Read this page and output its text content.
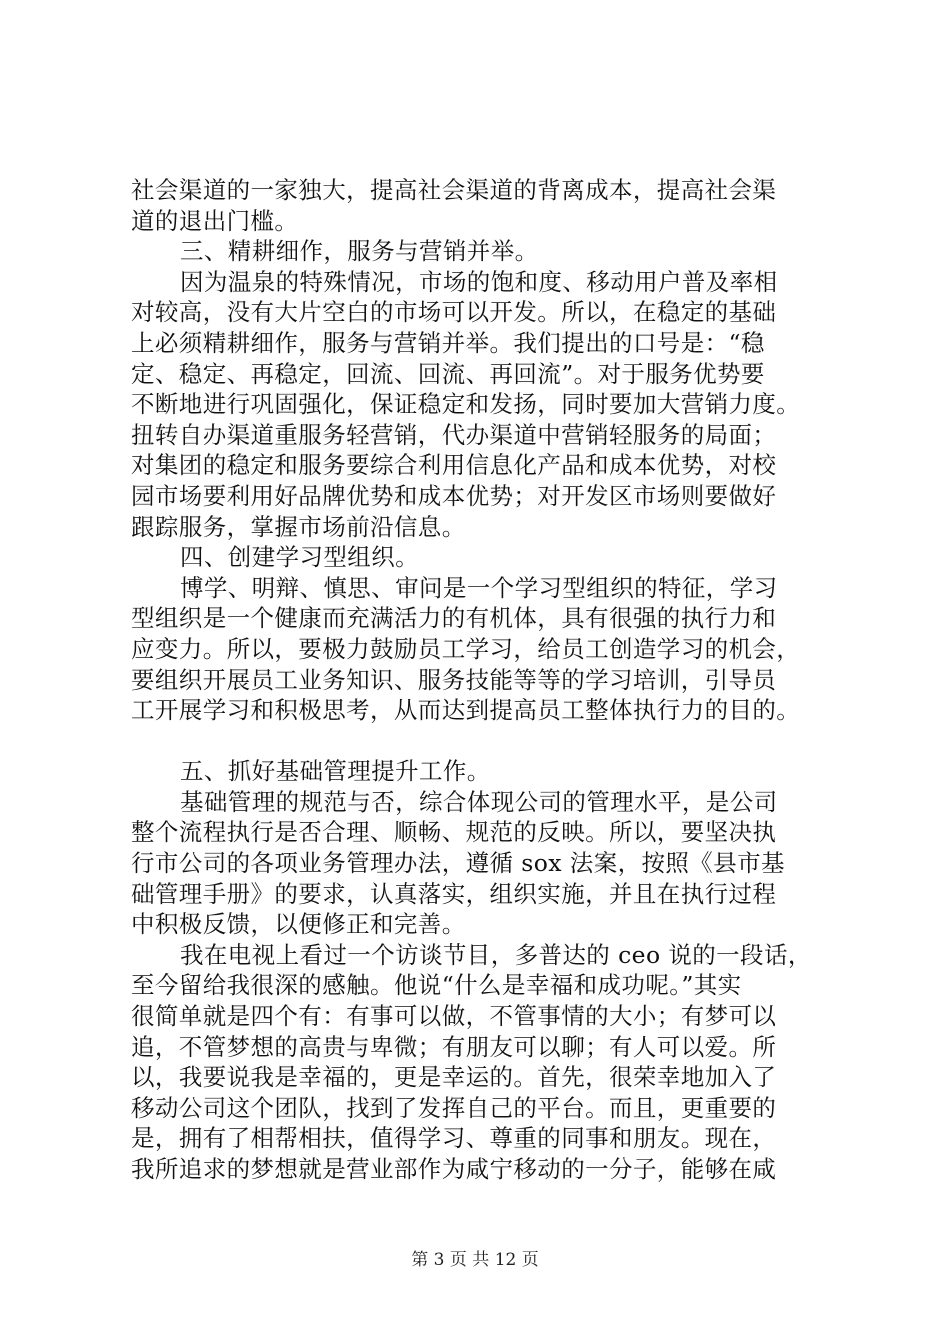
社会渠道的一家独大，提高社会渠道的背离成本，提高社会渠
道的退出门槛。
三、精耕细作，服务与营销并举。
因为温泉的特殊情况，市场的饱和度、移动用户普及率相
对较高，没有大片空白的市场可以开发。所以，在稳定的基础
上必须精耕细作，服务与营销并举。我们提出的口号是：“稳
定、稳定、再稳定，回流、回流、再回流”。对于服务优势要
不断地进行巩固强化，保证稳定和发扬，同时要加大营销力度。
扭转自办渠道重服务轻营销，代办渠道中营销轻服务的局面；
对集团的稳定和服务要综合利用信息化产品和成本优势，对校
园市场要利用好品牌优势和成本优势；对开发区市场则要做好
跟踪服务，掌握市场前沿信息。
四、创建学习型组织。
博学、明辩、慎思、审问是一个学习型组织的特征，学习
型组织是一个健康而充满活力的有机体，具有很强的执行力和
应变力。所以，要极力鼓励员工学习，给员工创造学习的机会，
要组织开展员工业务知识、服务技能等等的学习培训，引导员
工开展学习和积极思考，从而达到提高员工整体执行力的目的。
五、抓好基础管理提升工作。
基础管理的规范与否，综合体现公司的管理水平，是公司
整个流程执行是否合理、顺畅、规范的反映。所以，要坚决执
行市公司的各项业务管理办法，遵循 sox 法案，按照《县市基
础管理手册》的要求，认真落实，组织实施，并且在执行过程
中积极反馈，以便修正和完善。
我在电视上看过一个访谈节目，多普达的 ceo 说的一段话，
至今留给我很深的感触。他说“什么是幸福和成功呢。”其实
很简单就是四个有：有事可以做，不管事情的大小；有梦可以
追，不管梦想的高贵与卑微；有朋友可以聊；有人可以爱。所
以，我要说我是幸福的，更是幸运的。首先，很荣幸地加入了
移动公司这个团队，找到了发挥自己的平台。而且，更重要的
是，拥有了相帮相扶，值得学习、尊重的同事和朋友。现在，
我所追求的梦想就是营业部作为咸宁移动的一分子，能够在咸
第 3 页 共 12 页
